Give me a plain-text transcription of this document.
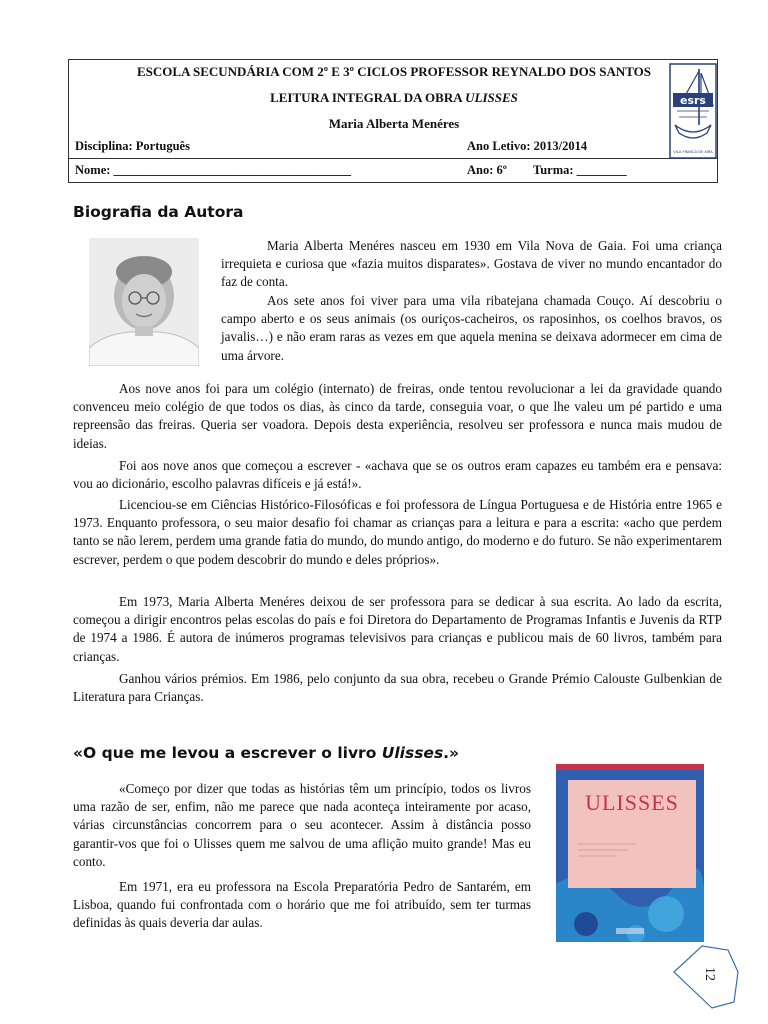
ESCOLA SECUNDÁRIA COM 2º E 3º CICLOS PROFESSOR REYNALDO DOS SANTOS
LEITURA INTEGRAL DA OBRA ULISSES
Maria Alberta Menéres
Disciplina: Português	Ano Letivo: 2013/2014
Nome: ______________________________________	Ano: 6º Turma: ________
esrs
VILA FRANCA DE XIRA
Biografia da Autora

Maria Alberta Menéres nasceu em 1930 em Vila Nova de Gaia. Foi uma criança irrequieta e curiosa que «fazia muitos disparates». Gostava de viver no mundo encantador do faz de conta.

Aos sete anos foi viver para uma vila ribatejana chamada Couço. Aí descobriu o campo aberto e os seus animais (os ouriços-cacheiros, os raposinhos, os coelhos bravos, os javalis…) e não eram raras as vezes em que aquela menina se deixava adormecer em cima de uma árvore.

Aos nove anos foi para um colégio (internato) de freiras, onde tentou revolucionar a lei da gravidade quando convenceu meio colégio de que todos os dias, às cinco da tarde, conseguia voar, o que lhe valeu um pé partido e uma repreensão das freiras. Queria ser voadora. Depois desta experiência, resolveu ser professora e nunca mais mudou de ideias.

Foi aos nove anos que começou a escrever - «achava que se os outros eram capazes eu também era e pensava: vou ao dicionário, escolho palavras difíceis e já está!».

Licenciou-se em Ciências Histórico-Filosóficas e foi professora de Língua Portuguesa e de História entre 1965 e 1973. Enquanto professora, o seu maior desafio foi chamar as crianças para a leitura e para a escrita: «acho que perdem tanto se não lerem, perdem uma grande fatia do mundo, do mundo antigo, do moderno e do futuro. Se não experimentarem escrever, perdem o que podem descobrir do mundo e deles próprios».

Em 1973, Maria Alberta Menéres deixou de ser professora para se dedicar à sua escrita. Ao lado da escrita, começou a dirigir encontros pelas escolas do país e foi Diretora do Departamento de Programas Infantis e Juvenis da RTP de 1974 a 1986. É autora de inúmeros programas televisivos para crianças e publicou mais de 60 livros, também para crianças.

Ganhou vários prémios. Em 1986, pelo conjunto da sua obra, recebeu o Grande Prémio Calouste Gulbenkian de Literatura para Crianças.

«O que me levou a escrever o livro Ulisses.»

«Começo por dizer que todas as histórias têm um princípio, todos os livros uma razão de ser, enfim, não me parece que nada aconteça inteiramente por acaso, várias circunstâncias concorrem para o seu acontecer. Assim à distância posso garantir-vos que foi o Ulisses quem me salvou de uma aflição muito grande! Mas eu conto.

Em 1971, era eu professora na Escola Preparatória Pedro de Santarém, em Lisboa, quando fui confrontada com o horário que me foi atribuído, sem ter turmas definidas às quais deveria dar aulas.

ULISSES
12
